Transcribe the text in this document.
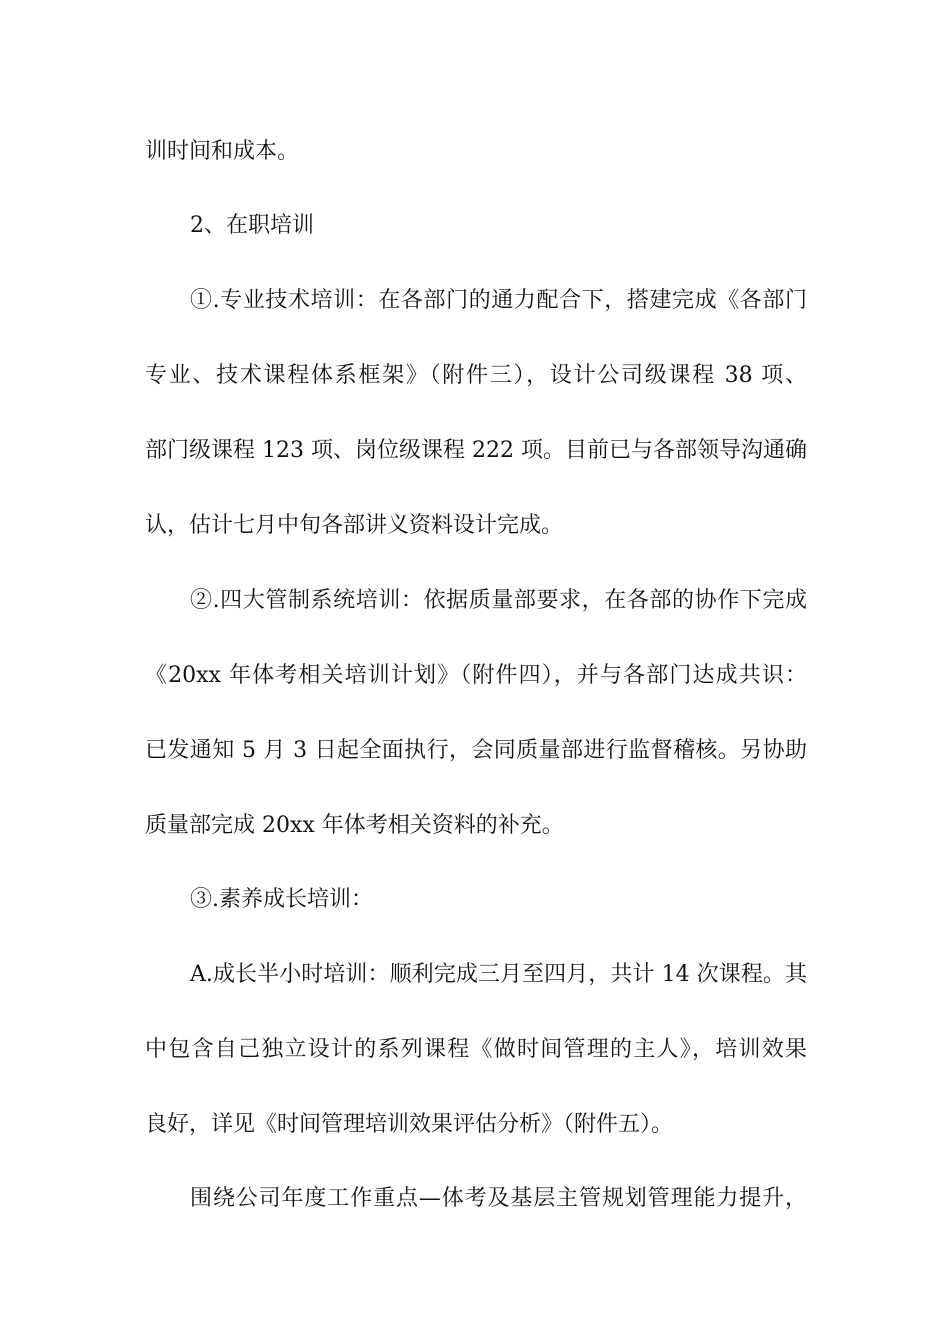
训时间和成本。
2、在职培训
①.专业技术培训：在各部门的通力配合下，搭建完成《各部门
专业、技术课程体系框架》（附件三），设计公司级课程 38 项、
部门级课程 123 项、岗位级课程 222 项。目前已与各部领导沟通确
认，估计七月中旬各部讲义资料设计完成。
②.四大管制系统培训：依据质量部要求，在各部的协作下完成
《20xx 年体考相关培训计划》（附件四），并与各部门达成共识：
已发通知 5 月 3 日起全面执行，会同质量部进行监督稽核。另协助
质量部完成 20xx 年体考相关资料的补充。
③.素养成长培训：
A.成长半小时培训：顺利完成三月至四月，共计 14 次课程。其
中包含自己独立设计的系列课程《做时间管理的主人》，培训效果
良好，详见《时间管理培训效果评估分析》（附件五）。
围绕公司年度工作重点—体考及基层主管规划管理能力提升，
